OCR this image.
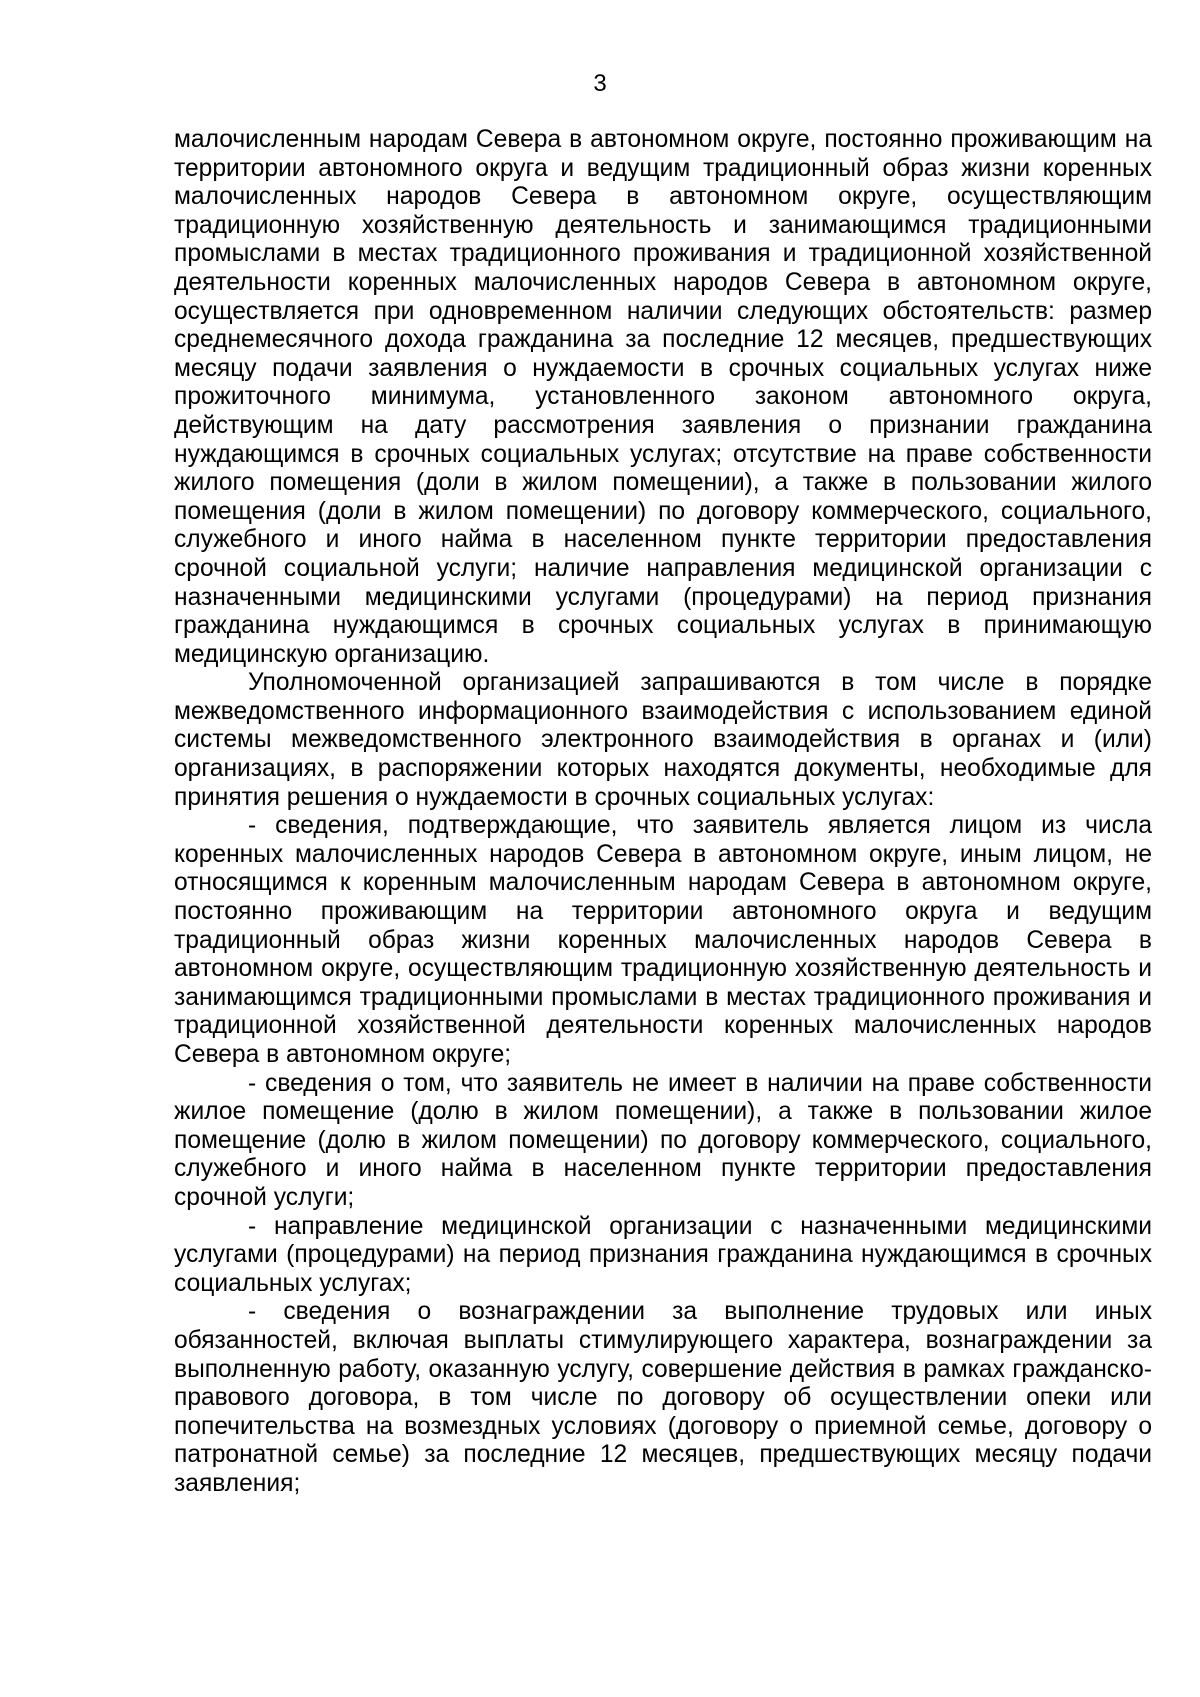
3

малочисленным народам Севера в автономном округе, постоянно проживающим на территории автономного округа и ведущим традиционный образ жизни коренных малочисленных народов Севера в автономном округе, осуществляющим традиционную хозяйственную деятельность и занимающимся традиционными промыслами в местах традиционного проживания и традиционной хозяйственной деятельности коренных малочисленных народов Севера в автономном округе, осуществляется при одновременном наличии следующих обстоятельств: размер среднемесячного дохода гражданина за последние 12 месяцев, предшествующих месяцу подачи заявления о нуждаемости в срочных социальных услугах ниже прожиточного минимума, установленного законом автономного округа, действующим на дату рассмотрения заявления о признании гражданина нуждающимся в срочных социальных услугах; отсутствие на праве собственности жилого помещения (доли в жилом помещении), а также в пользовании жилого помещения (доли в жилом помещении) по договору коммерческого, социального, служебного и иного найма в населенном пункте территории предоставления срочной социальной услуги; наличие направления медицинской организации с назначенными медицинскими услугами (процедурами) на период признания гражданина нуждающимся в срочных социальных услугах в принимающую медицинскую организацию.

Уполномоченной организацией запрашиваются в том числе в порядке межведомственного информационного взаимодействия с использованием единой системы межведомственного электронного взаимодействия в органах и (или) организациях, в распоряжении которых находятся документы, необходимые для принятия решения о нуждаемости в срочных социальных услугах:

- сведения, подтверждающие, что заявитель является лицом из числа коренных малочисленных народов Севера в автономном округе, иным лицом, не относящимся к коренным малочисленным народам Севера в автономном округе, постоянно проживающим на территории автономного округа и ведущим традиционный образ жизни коренных малочисленных народов Севера в автономном округе, осуществляющим традиционную хозяйственную деятельность и занимающимся традиционными промыслами в местах традиционного проживания и традиционной хозяйственной деятельности коренных малочисленных народов Севера в автономном округе;

- сведения о том, что заявитель не имеет в наличии на праве собственности жилое помещение (долю в жилом помещении), а также в пользовании жилое помещение (долю в жилом помещении) по договору коммерческого, социального, служебного и иного найма в населенном пункте территории предоставления срочной услуги;

- направление медицинской организации с назначенными медицинскими услугами (процедурами) на период признания гражданина нуждающимся в срочных социальных услугах;

- сведения о вознаграждении за выполнение трудовых или иных обязанностей, включая выплаты стимулирующего характера, вознаграждении за выполненную работу, оказанную услугу, совершение действия в рамках гражданско-правового договора, в том числе по договору об осуществлении опеки или попечительства на возмездных условиях (договору о приемной семье, договору о патронатной семье) за последние 12 месяцев, предшествующих месяцу подачи заявления;
